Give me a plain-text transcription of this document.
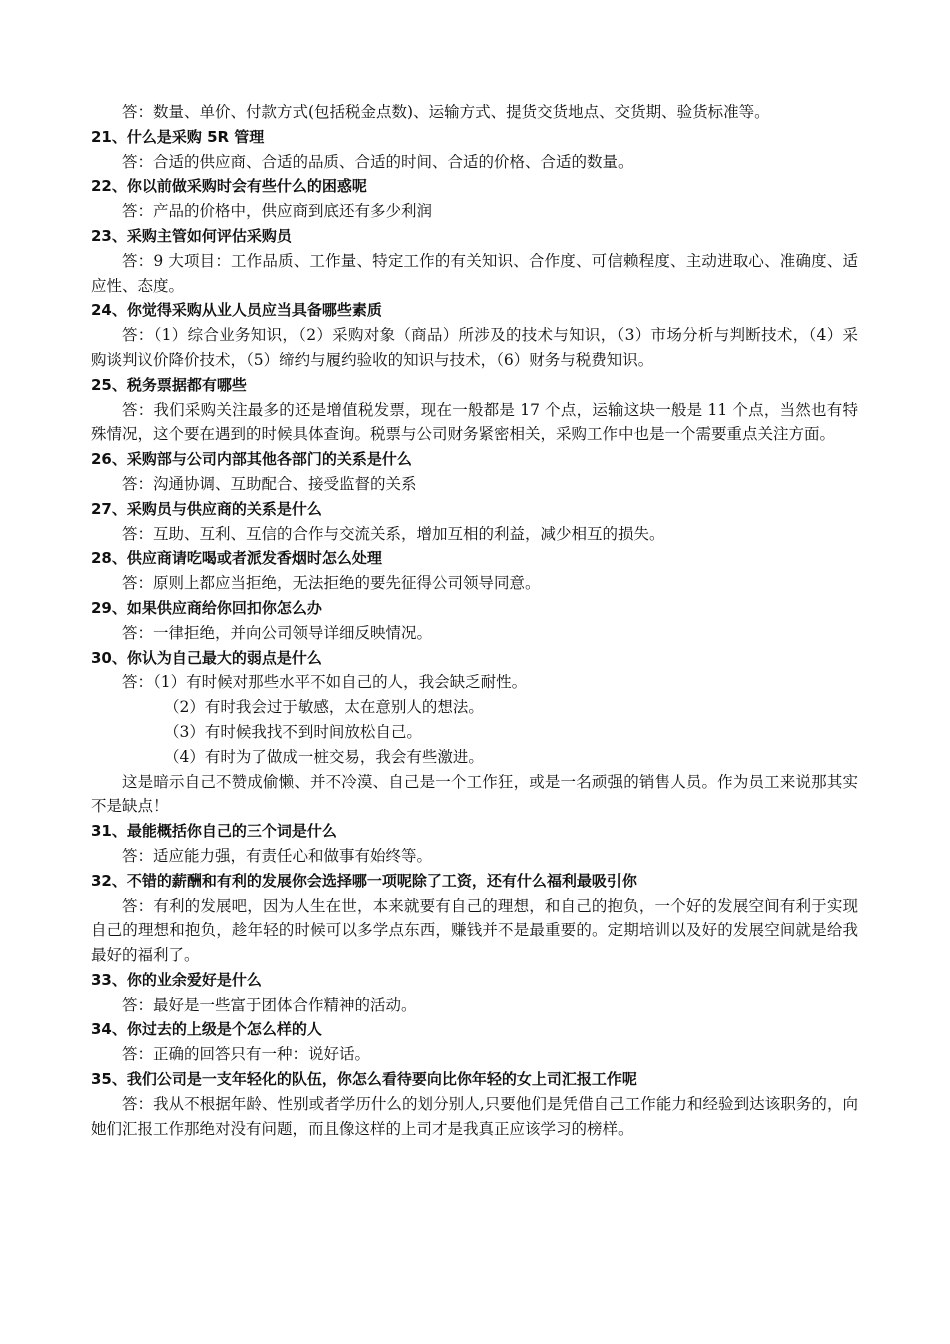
答：数量、单价、付款方式(包括税金点数)、运输方式、提货交货地点、交货期、验货标准等。

21、什么是采购 5R 管理

答：合适的供应商、合适的品质、合适的时间、合适的价格、合适的数量。

22、你以前做采购时会有些什么的困惑呢

答：产品的价格中，供应商到底还有多少利润

23、采购主管如何评估采购员

答：9 大项目：工作品质、工作量、特定工作的有关知识、合作度、可信赖程度、主动进取心、准确度、适应性、态度。

24、你觉得采购从业人员应当具备哪些素质

答：（1）综合业务知识，（2）采购对象（商品）所涉及的技术与知识，（3）市场分析与判断技术，（4）采购谈判议价降价技术，（5）缔约与履约验收的知识与技术，（6）财务与税费知识。

25、税务票据都有哪些

答：我们采购关注最多的还是增值税发票，现在一般都是 17 个点，运输这块一般是 11 个点，当然也有特殊情况，这个要在遇到的时候具体查询。税票与公司财务紧密相关，采购工作中也是一个需要重点关注方面。

26、采购部与公司内部其他各部门的关系是什么

答：沟通协调、互助配合、接受监督的关系

27、采购员与供应商的关系是什么

答：互助、互利、互信的合作与交流关系，增加互相的利益，减少相互的损失。

28、供应商请吃喝或者派发香烟时怎么处理

答：原则上都应当拒绝，无法拒绝的要先征得公司领导同意。

29、如果供应商给你回扣你怎么办

答：一律拒绝，并向公司领导详细反映情况。

30、你认为自己最大的弱点是什么

答：（1）有时候对那些水平不如自己的人，我会缺乏耐性。

（2）有时我会过于敏感，太在意别人的想法。

（3）有时候我找不到时间放松自己。

（4）有时为了做成一桩交易，我会有些激进。

这是暗示自己不赞成偷懒、并不冷漠、自己是一个工作狂，或是一名顽强的销售人员。作为员工来说那其实不是缺点！

31、最能概括你自己的三个词是什么

答：适应能力强，有责任心和做事有始终等。

32、不错的薪酬和有利的发展你会选择哪一项呢除了工资，还有什么福利最吸引你

答：有利的发展吧，因为人生在世，本来就要有自己的理想，和自己的抱负，一个好的发展空间有利于实现自己的理想和抱负，趁年轻的时候可以多学点东西，赚钱并不是最重要的。定期培训以及好的发展空间就是给我最好的福利了。

33、你的业余爱好是什么

答：最好是一些富于团体合作精神的活动。

34、你过去的上级是个怎么样的人

答：正确的回答只有一种：说好话。

35、我们公司是一支年轻化的队伍，你怎么看待要向比你年轻的女上司汇报工作呢

答：我从不根据年龄、性别或者学历什么的划分别人,只要他们是凭借自己工作能力和经验到达该职务的，向她们汇报工作那绝对没有问题，而且像这样的上司才是我真正应该学习的榜样。
